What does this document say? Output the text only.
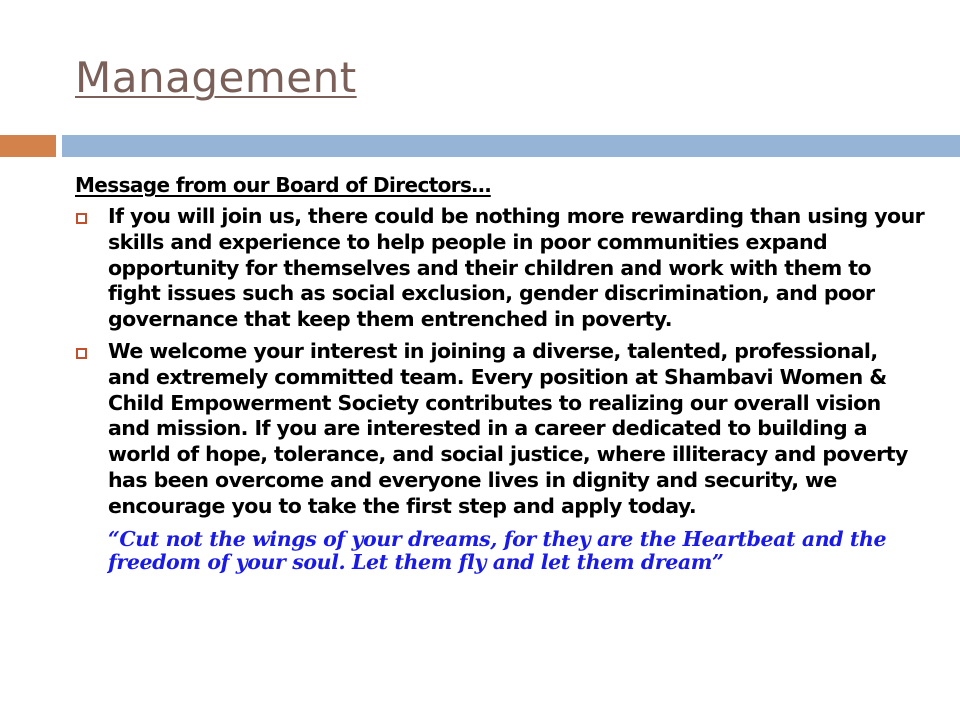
Management
Message from our Board of Directors…
If you will join us, there could be nothing more rewarding than using your skills and experience to help people in poor communities expand opportunity for themselves and their children and work with them to fight issues such as social exclusion, gender discrimination, and poor governance that keep them entrenched in poverty.
We welcome your interest in joining a diverse, talented, professional, and extremely committed team. Every position at Shambavi Women & Child Empowerment Society contributes to realizing our overall vision and mission. If you are interested in a career dedicated to building a world of hope, tolerance, and social justice, where illiteracy and poverty has been overcome and everyone lives in dignity and security, we encourage you to take the first step and apply today.
“Cut not the wings of your dreams, for they are the Heartbeat and the freedom of your soul. Let them fly and let them dream”
